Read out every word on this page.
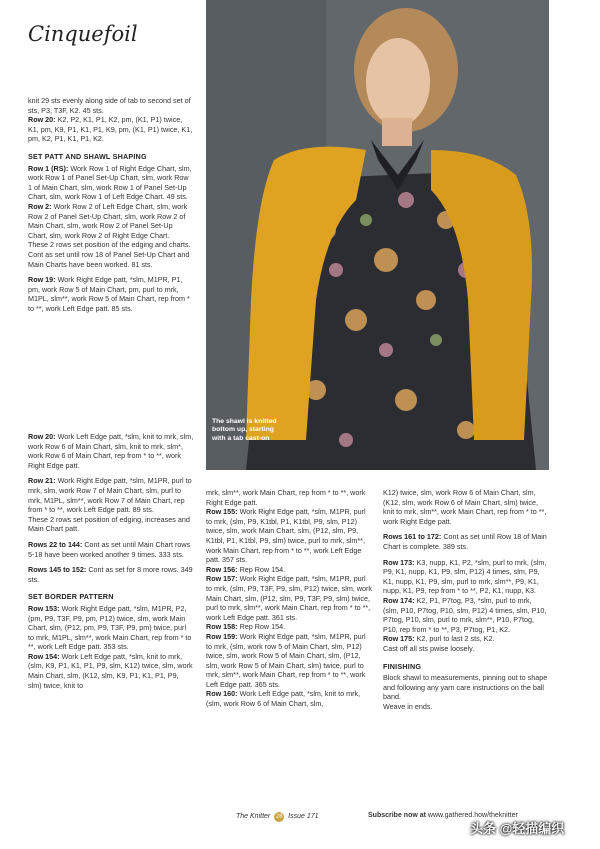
Cinquefoil

knit 29 sts evenly along side of tab to second set of sts, P3, T3F, K2. 45 sts.

Row 20: K2, P2, K1, P1, K2, pm, (K1, P1) twice, K1, pm, K9, P1, K1, P1, K9, pm, (K1, P1) twice, K1, pm, K2, P1, K1, P1, K2.

SET PATT AND SHAWL SHAPING

Row 1 (RS): Work Row 1 of Right Edge Chart, slm, work Row 1 of Panel Set-Up Chart, slm, work Row 1 of Main Chart, slm, work Row 1 of Panel Set-Up Chart, slm, work Row 1 of Left Edge Chart. 49 sts.

Row 2: Work Row 2 of Left Edge Chart, slm, work Row 2 of Panel Set-Up Chart, slm, work Row 2 of Main Chart, slm, work Row 2 of Panel Set-Up Chart, slm, work Row 2 of Right Edge Chart.

These 2 rows set position of the edging and charts.

Cont as set until row 18 of Panel Set-Up Chart and Main Charts have been worked. 81 sts.

Row 19: Work Right Edge patt, *slm, M1PR, P1, pm, work Row 5 of Main Chart, pm, purl to mrk, M1PL, slm**, work Row 5 of Main Chart, rep from * to **, work Left Edge patt. 85 sts.

Row 20: Work Left Edge patt, *slm, knit to mrk, slm, work Row 6 of Main Chart, slm, knit to mrk, slm*, work Row 6 of Main Chart, rep from * to **, work Right Edge patt.

Row 21: Work Right Edge patt, *slm, M1PR, purl to mrk, slm, work Row 7 of Main Chart, slm, purl to mrk, M1PL, slm**, work Row 7 of Main Chart, rep from * to **, work Left Edge patt. 89 sts.

These 2 rows set position of edging, increases and Main Chart patt.

Rows 22 to 144: Cont as set until Main Chart rows 5-18 have been worked another 9 times. 333 sts.

Rows 145 to 152: Cont as set for 8 more rows. 349 sts.

SET BORDER PATTERN

Row 153: Work Right Edge patt, *slm, M1PR, P2, (pm, P9, T3F, P9, pm, P12) twice, slm, work Main Chart, slm, (P12, pm, P9, T3F, P9, pm) twice, purl to mrk, M1PL, slm**, work Main Chart, rep from * to **, work Left Edge patt. 353 sts.

Row 154: Work Left Edge patt, *slm, knit to mrk, (slm, K9, P1, K1, P1, P9, slm, K12) twice, slm, work Main Chart, slm, (K12, slm, K9, P1, K1, P1, P9, slm) twice, knit to

The shawl is knitted bottom up, starting with a tab cast-on

mrk, slm**, work Main Chart, rep from * to **, work Right Edge patt.

Row 155: Work Right Edge patt, *slm, M1PR, purl to mrk, (slm, P9, K1tbl, P1, K1tbl, P9, slm, P12) twice, slm, work Main Chart, slm, (P12, slm, P9, K1tbl, P1, K1tbl, P9, slm) twice, purl to mrk, slm**, work Main Chart, rep from * to **, work Left Edge patt. 357 sts.

Row 156: Rep Row 154.

Row 157: Work Right Edge patt, *slm, M1PR, purl to mrk, (slm, P9, T3F, P9, slm, P12) twice, slm, work Main Chart, slm, (P12, slm, P9, T3F, P9, slm) twice, purl to mrk, slm**, work Main Chart, rep from * to **, work Left Edge patt. 361 sts.

Row 158: Rep Row 154.

Row 159: Work Right Edge patt, *slm, M1PR, purl to mrk, (slm, work row 5 of Main Chart, slm, P12) twice, slm, work Row 5 of Main Chart, slm, (P12, slm, work Row 5 of Main Chart, slm) twice, purl to mrk, slm**, work Main Chart, rep from * to **, work Left Edge patt. 365 sts.

Row 160: Work Left Edge patt, *slm, knit to mrk, (slm, work Row 6 of Main Chart, slm,

K12) twice, slm, work Row 6 of Main Chart, slm, (K12, slm, work Row 6 of Main Chart, slm) twice, knit to mrk, slm**, work Main Chart, rep from * to **, work Right Edge patt.

Rows 161 to 172: Cont as set until Row 18 of Main Chart is complete. 389 sts.

Row 173: K3, nupp, K1, P2, *slm, purl to mrk, (slm, P9, K1, nupp, K1, P9, slm, P12) 4 times, slm, P9, K1, nupp, K1, P9, slm, purl to mrk, slm**, P9, K1, nupp, K1, P9, rep from * to **, P2, K1, nupp, K3.

Row 174: K2, P1, P7tog, P3, *slm, purl to mrk, (slm, P10, P7tog, P10, slm, P12) 4 times, slm, P10, P7tog, P10, slm, purl to mrk, slm**, P10, P7tog, P10, rep from * to **, P3, P7tog, P1, K2.

Row 175: K2, purl to last 2 sts, K2.

Cast off all sts pwise loosely.

FINISHING

Block shawl to measurements, pinning out to shape and following any yarn care instructions on the ball band.

Weave in ends.

The Knitter 28 Issue 171	Subscribe now at www.gathered.how/theknitter
头条 @轻描编织
